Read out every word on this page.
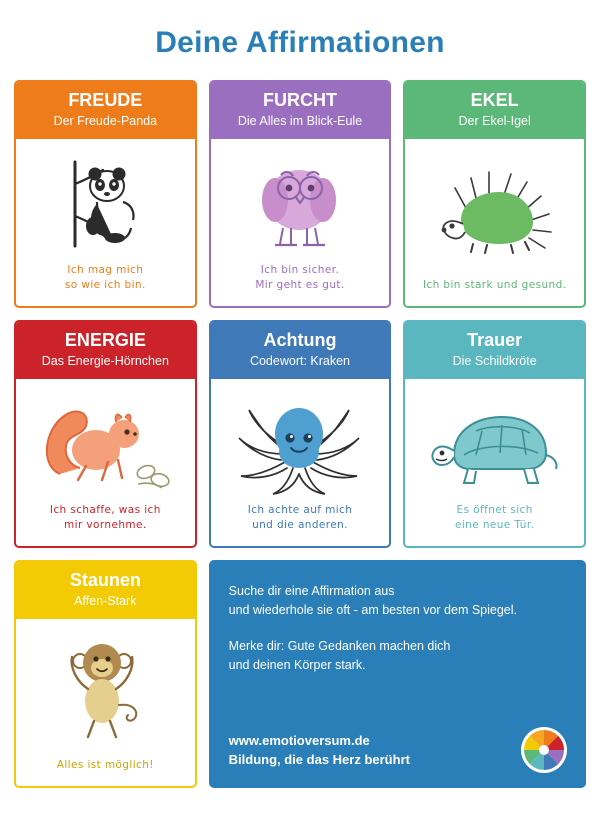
Deine Affirmationen
FREUDE
Der Freude-Panda
Ich mag mich
so wie ich bin.
FURCHT
Die Alles im Blick-Eule
Ich bin sicher.
Mir geht es gut.
EKEL
Der Ekel-Igel
Ich bin stark und gesund.
ENERGIE
Das Energie-Hörnchen
Ich schaffe, was ich
mir vornehme.
Achtung
Codewort: Kraken
Ich achte auf mich
und die anderen.
Trauer
Die Schildkröte
Es öffnet sich
eine neue Tür.
Staunen
Affen-Stark
Alles ist möglich!

Suche dir eine Affirmation aus
und wiederhole sie oft - am besten vor dem Spiegel.

Merke dir: Gute Gedanken machen dich
und deinen Körper stark.

www.emotioversum.de
Bildung, die das Herz berührt
